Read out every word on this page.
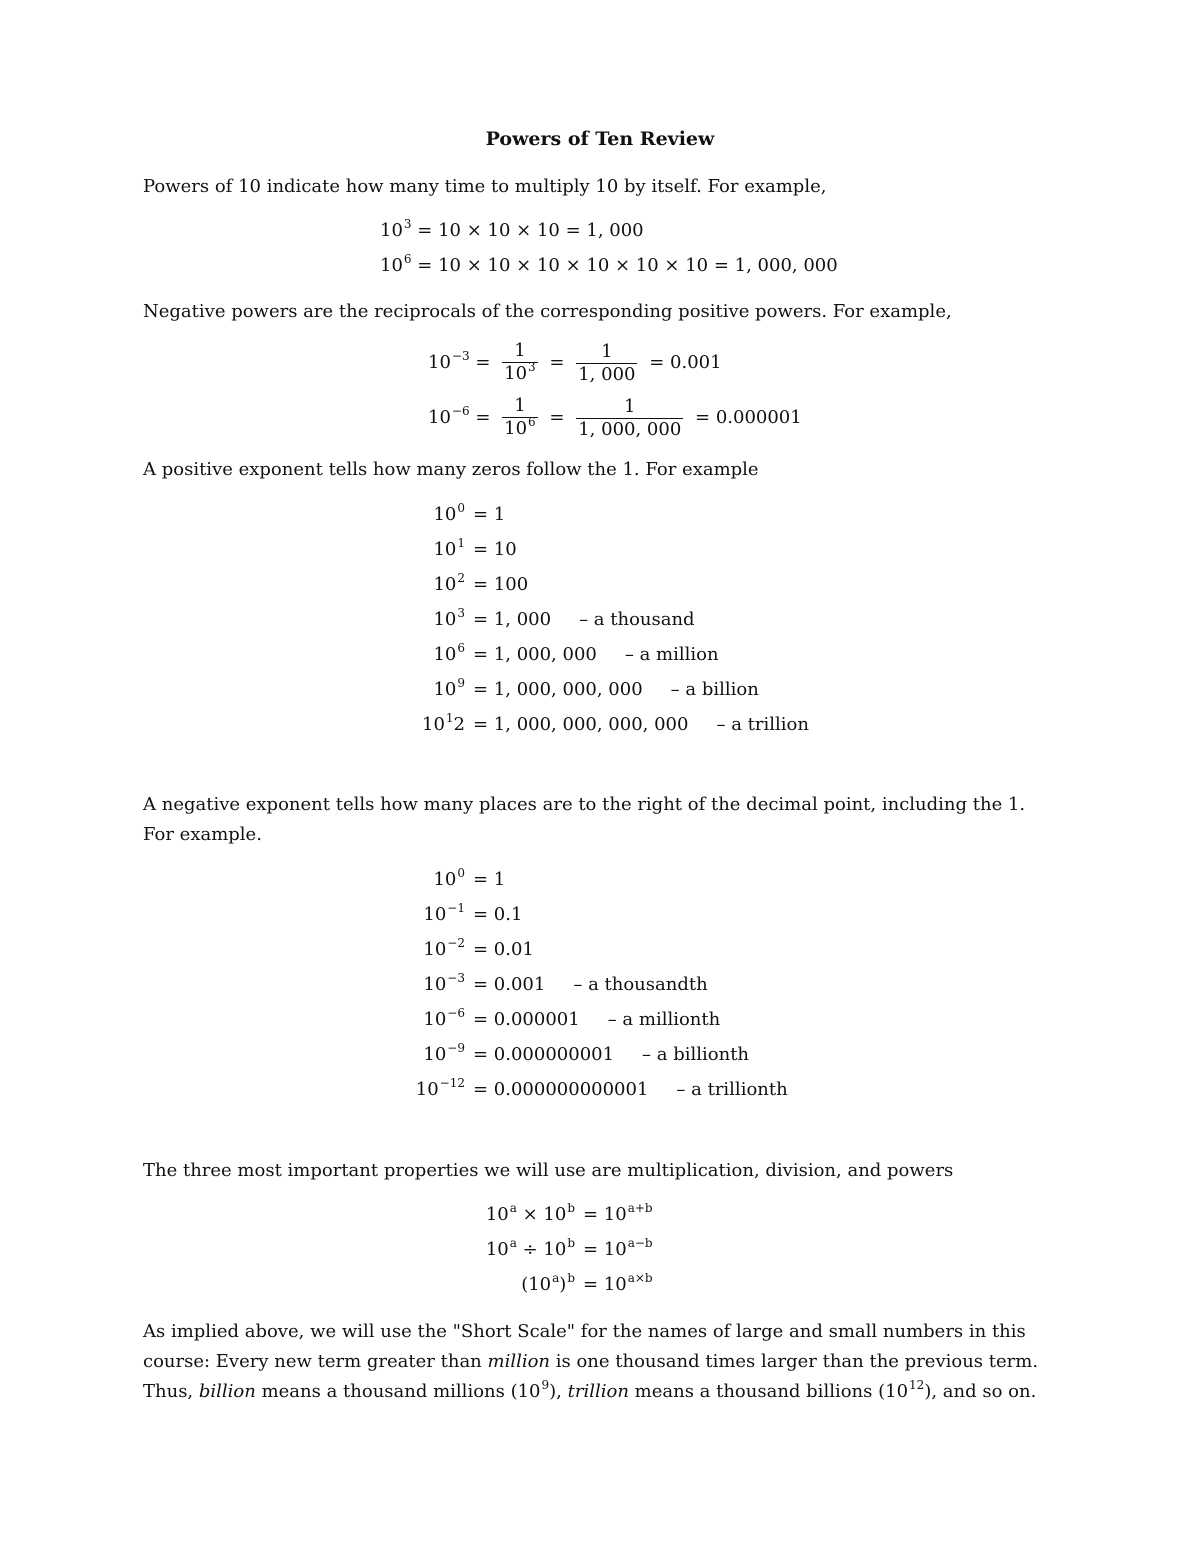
Powers of Ten Review
Powers of 10 indicate how many time to multiply 10 by itself. For example,
$10^3 = 10 \times 10 \times 10 = 1$, 000
$10^6 = 10 \times 10 \times 10 \times 10 \times 10 \times 10 = 1$, 000, 000
Negative powers are the reciprocals of the corresponding positive powers. For example,
$10^{-3} = \frac{1}{10^3} = \frac{1}{1, 000} = 0.001$
$10^{-6} = \frac{1}{10^6} = \frac{1}{1, 000, 000} = 0.000001$
A positive exponent tells how many zeros follow the 1. For example
$10^0 = 1$
$10^1 = 10$
$10^2 = 100$
$10^3 = 1$, 000	– a thousand
$10^6 = 1$, 000, 000	– a million
$10^9 = 1$, 000, 000, 000	– a billion
$10^12 = 1$, 000, 000, 000, 000	– a trillion
A negative exponent tells how many places are to the right of the decimal point, including the 1.
For example.
$10^0 = 1$
$10^{-1} = 0.1$
$10^{-2} = 0.01$
$10^{-3} = 0.001$	– a thousandth
$10^{-6} = 0.000001$	– a millionth
$10^{-9} = 0.000000001$	– a billionth
$10^{-12} = 0.000000000001$	– a trillionth
The three most important properties we will use are multiplication, division, and powers
$10^a \times 10^b = 10^{a+b}$
$10^a \div 10^b = 10^{a-b}$
$(10^a)^b = 10^{a\times b}$
As implied above, we will use the "Short Scale" for the names of large and small numbers in this course: Every new term greater than million is one thousand times larger than the previous term. Thus, billion means a thousand millions $(10^9)$, trillion means a thousand billions $(10^{12})$, and so on.
